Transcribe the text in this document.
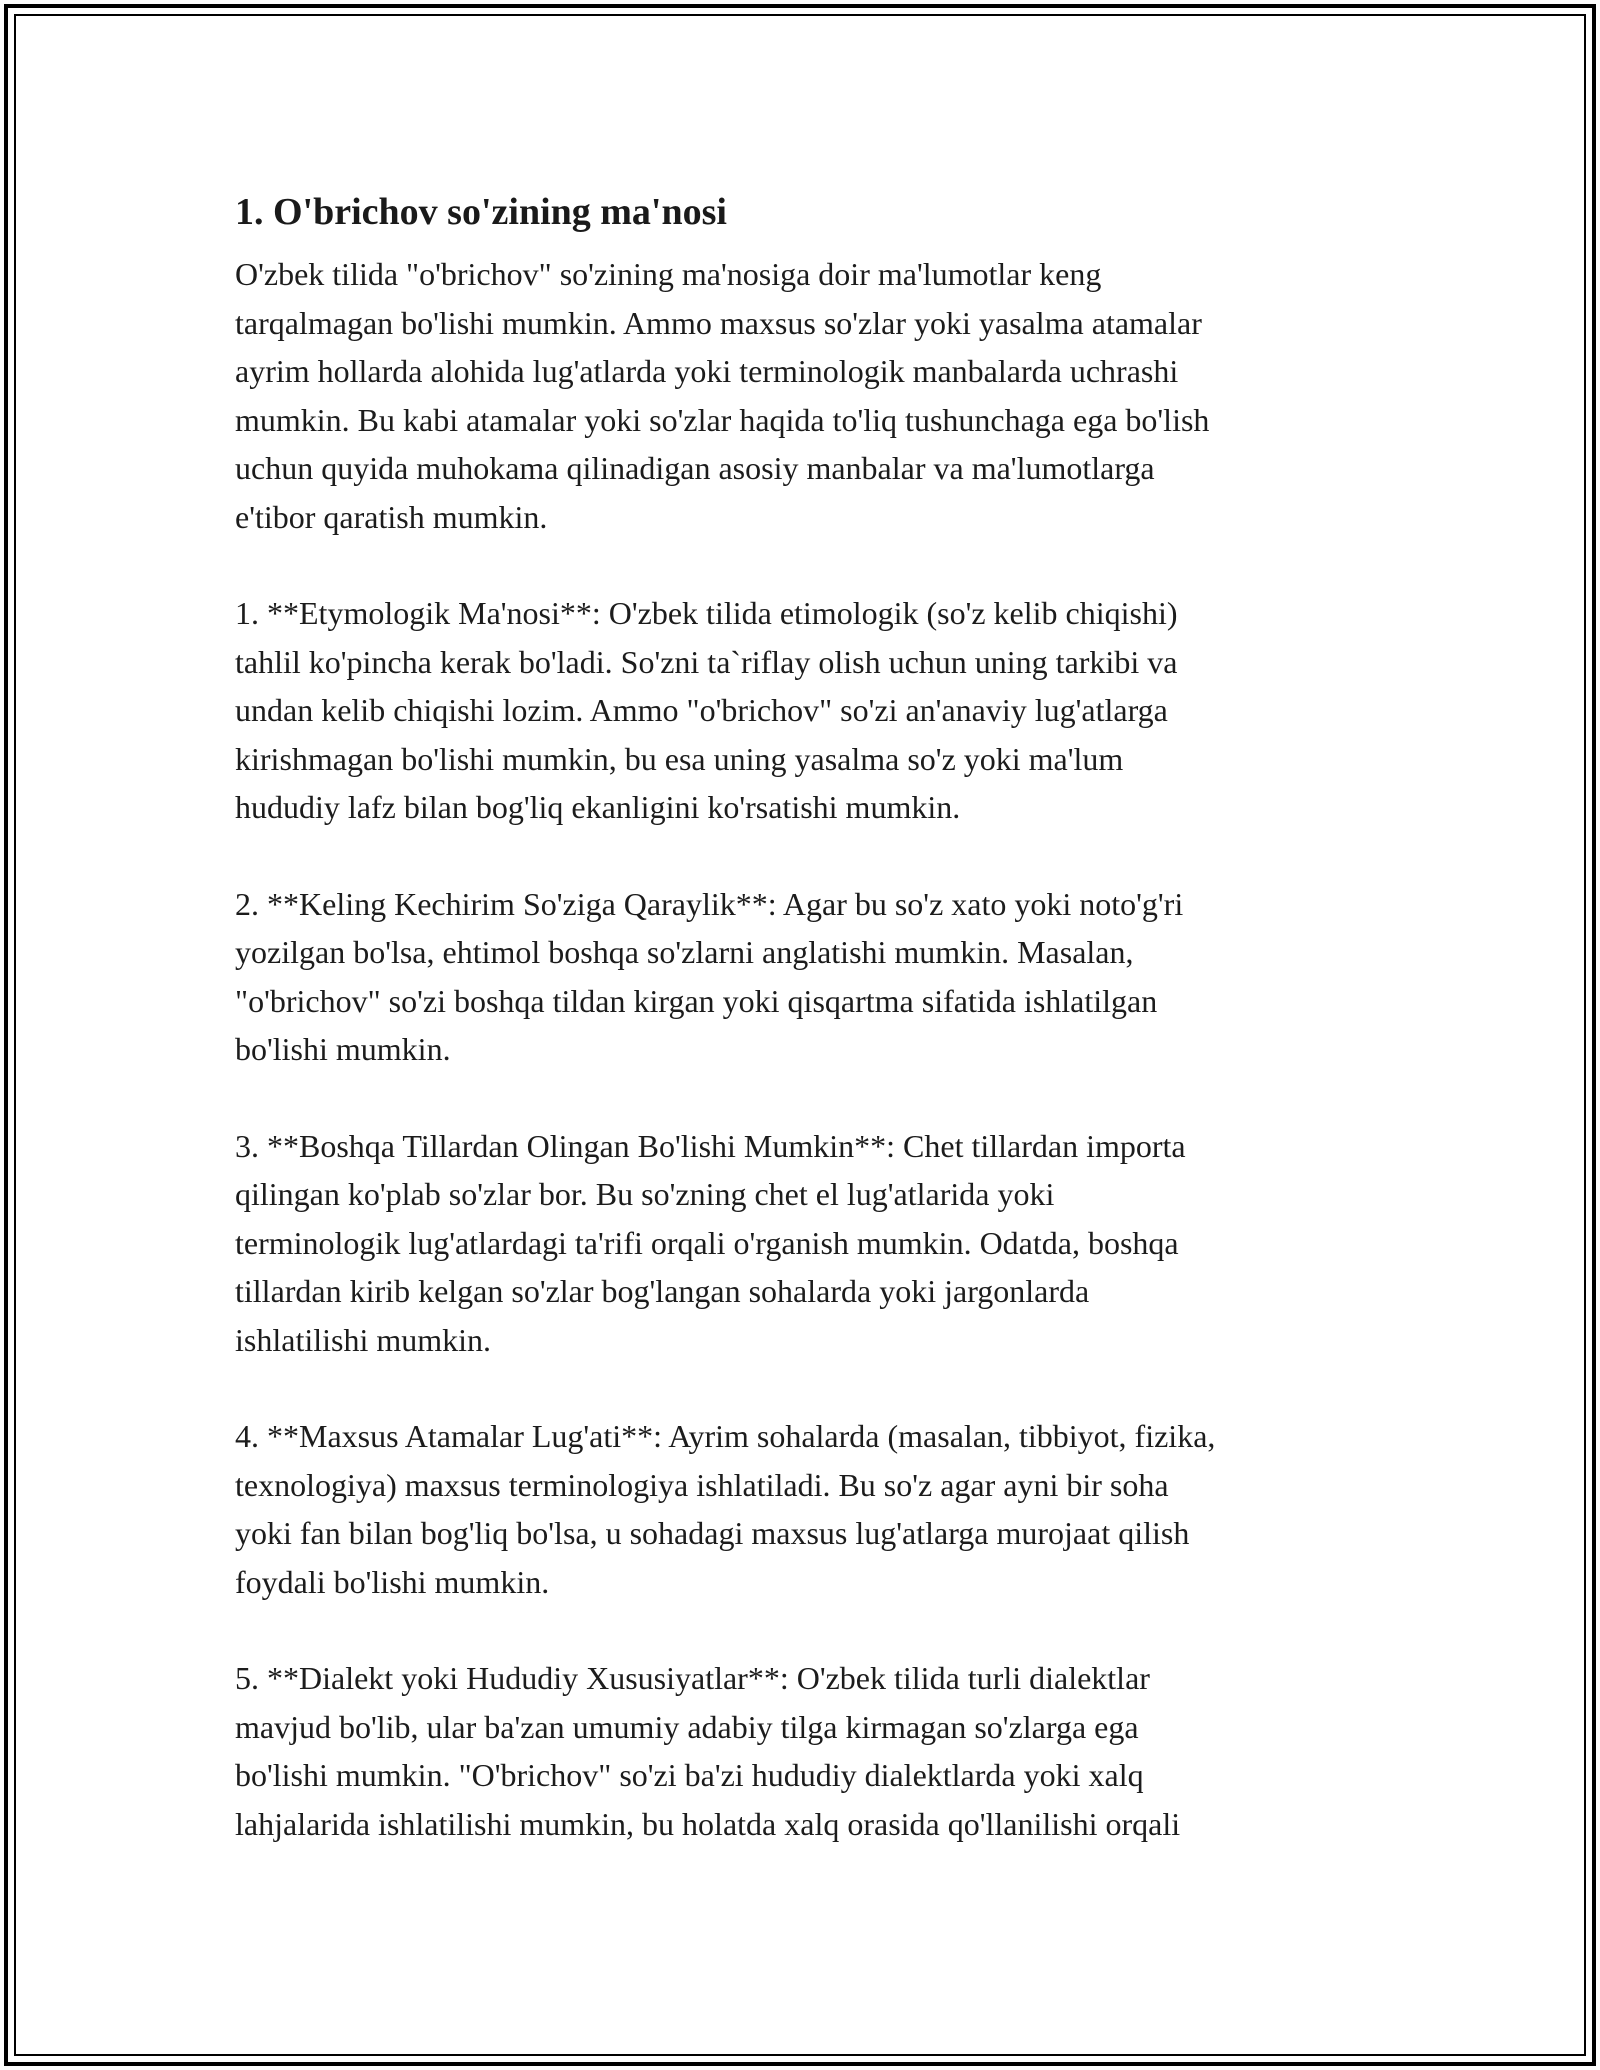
1. O'brichov so'zining ma'nosi

O'zbek tilida "o'brichov" so'zining ma'nosiga doir ma'lumotlar keng
tarqalmagan bo'lishi mumkin. Ammo maxsus so'zlar yoki yasalma atamalar
ayrim hollarda alohida lug'atlarda yoki terminologik manbalarda uchrashi
mumkin. Bu kabi atamalar yoki so'zlar haqida to'liq tushunchaga ega bo'lish
uchun quyida muhokama qilinadigan asosiy manbalar va ma'lumotlarga
e'tibor qaratish mumkin.

1. **Etymologik Ma'nosi**: O'zbek tilida etimologik (so'z kelib chiqishi)
tahlil ko'pincha kerak bo'ladi. So'zni ta`riflay olish uchun uning tarkibi va
undan kelib chiqishi lozim. Ammo "o'brichov" so'zi an'anaviy lug'atlarga
kirishmagan bo'lishi mumkin, bu esa uning yasalma so'z yoki ma'lum
hududiy lafz bilan bog'liq ekanligini ko'rsatishi mumkin.

2. **Keling Kechirim So'ziga Qaraylik**: Agar bu so'z xato yoki noto'g'ri
yozilgan bo'lsa, ehtimol boshqa so'zlarni anglatishi mumkin. Masalan,
"o'brichov" so'zi boshqa tildan kirgan yoki qisqartma sifatida ishlatilgan
bo'lishi mumkin.

3. **Boshqa Tillardan Olingan Bo'lishi Mumkin**: Chet tillardan importa
qilingan ko'plab so'zlar bor. Bu so'zning chet el lug'atlarida yoki
terminologik lug'atlardagi ta'rifi orqali o'rganish mumkin. Odatda, boshqa
tillardan kirib kelgan so'zlar bog'langan sohalarda yoki jargonlarda
ishlatilishi mumkin.

4. **Maxsus Atamalar Lug'ati**: Ayrim sohalarda (masalan, tibbiyot, fizika,
texnologiya) maxsus terminologiya ishlatiladi. Bu so'z agar ayni bir soha
yoki fan bilan bog'liq bo'lsa, u sohadagi maxsus lug'atlarga murojaat qilish
foydali bo'lishi mumkin.

5. **Dialekt yoki Hududiy Xususiyatlar**: O'zbek tilida turli dialektlar
mavjud bo'lib, ular ba'zan umumiy adabiy tilga kirmagan so'zlarga ega
bo'lishi mumkin. "O'brichov" so'zi ba'zi hududiy dialektlarda yoki xalq
lahjalarida ishlatilishi mumkin, bu holatda xalq orasida qo'llanilishi orqali
